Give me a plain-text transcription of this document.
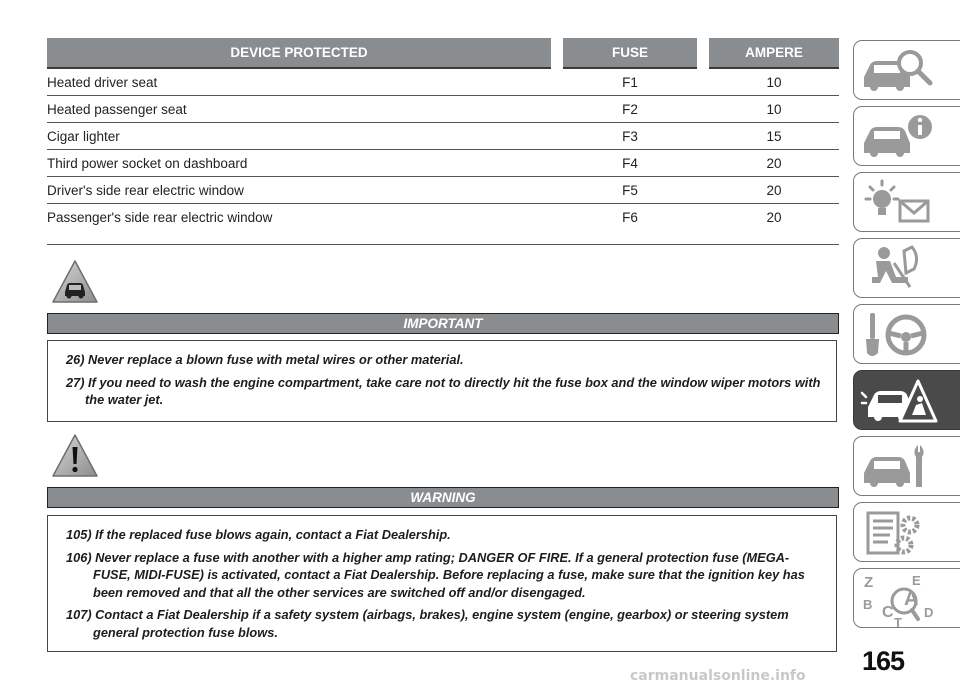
DEVICE PROTECTED		FUSE		AMPERE
Heated driver seat		F1		10
Heated passenger seat		F2		10
Cigar lighter		F3		15
Third power socket on dashboard		F4		20
Driver's side rear electric window		F5		20
Passenger's side rear electric window		F6		20
IMPORTANT

26) Never replace a blown fuse with metal wires or other material.

27) If you need to wash the engine compartment, take care not to directly hit the fuse box and the window wiper motors with the water jet.

WARNING

105) If the replaced fuse blows again, contact a Fiat Dealership.

106) Never replace a fuse with another with a higher amp rating; DANGER OF FIRE. If a general protection fuse (MEGA-FUSE, MIDI-FUSE) is activated, contact a Fiat Dealership. Before replacing a fuse, make sure that the ignition key has been removed and that all the other services are switched off and/or disengaged.

107) Contact a Fiat Dealership if a safety system (airbags, brakes), engine system (engine, gearbox) or steering system general protection fuse blows.

Z	E
A
B C D
T
165
carmanualsonline.info
